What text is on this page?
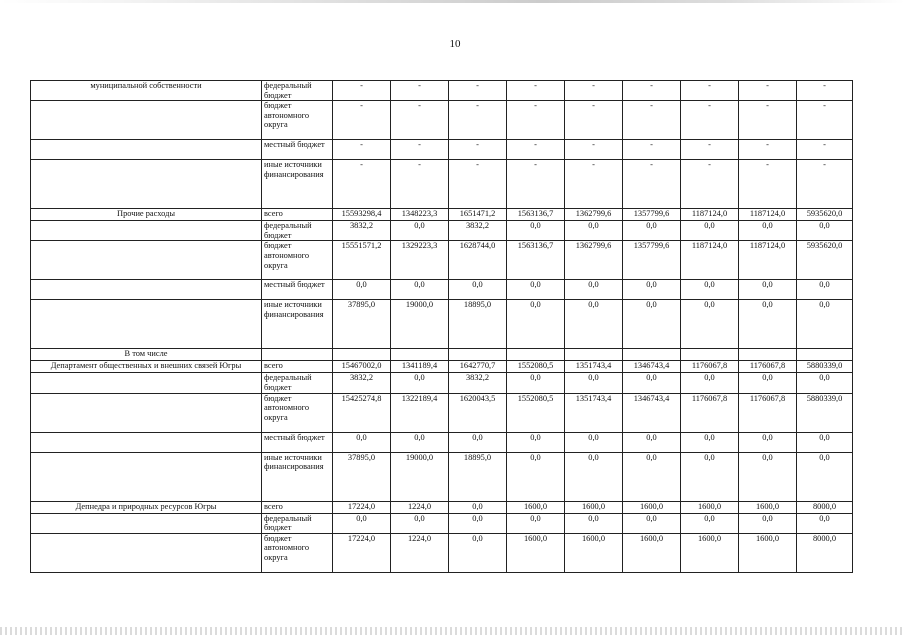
10
муниципальной собственности	федеральный бюджет	-	-	-	-	-	-	-	-	-
	бюджет автономного округа	-	-	-	-	-	-	-	-	-
	местный бюджет	-	-	-	-	-	-	-	-	-
	иные источники финансирования	-	-	-	-	-	-	-	-	-
Прочие расходы	всего	15593298,4	1348223,3	1651471,2	1563136,7	1362799,6	1357799,6	1187124,0	1187124,0	5935620,0
	федеральный бюджет	3832,2	0,0	3832,2	0,0	0,0	0,0	0,0	0,0	0,0
	бюджет автономного округа	15551571,2	1329223,3	1628744,0	1563136,7	1362799,6	1357799,6	1187124,0	1187124,0	5935620,0
	местный бюджет	0,0	0,0	0,0	0,0	0,0	0,0	0,0	0,0	0,0
	иные источники финансирования	37895,0	19000,0	18895,0	0,0	0,0	0,0	0,0	0,0	0,0
В том числе										
Департамент общественных и внешних связей Югры	всего	15467002,0	1341189,4	1642770,7	1552080,5	1351743,4	1346743,4	1176067,8	1176067,8	5880339,0
	федеральный бюджет	3832,2	0,0	3832,2	0,0	0,0	0,0	0,0	0,0	0,0
	бюджет автономного округа	15425274,8	1322189,4	1620043,5	1552080,5	1351743,4	1346743,4	1176067,8	1176067,8	5880339,0
	местный бюджет	0,0	0,0	0,0	0,0	0,0	0,0	0,0	0,0	0,0
	иные источники финансирования	37895,0	19000,0	18895,0	0,0	0,0	0,0	0,0	0,0	0,0
Депнедра и природных ресурсов Югры	всего	17224,0	1224,0	0,0	1600,0	1600,0	1600,0	1600,0	1600,0	8000,0
	федеральный бюджет	0,0	0,0	0,0	0,0	0,0	0,0	0,0	0,0	0,0
	бюджет автономного округа	17224,0	1224,0	0,0	1600,0	1600,0	1600,0	1600,0	1600,0	8000,0
